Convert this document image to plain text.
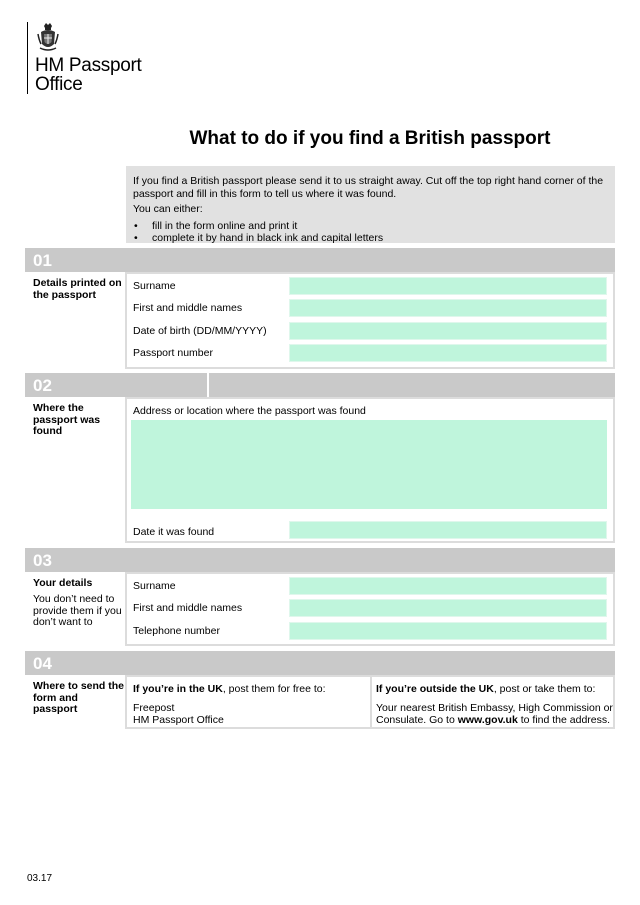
HM Passport
Office
What to do if you find a British passport

If you find a British passport please send it to us straight away. Cut off the top right hand corner of the passport and fill in this form to tell us where it was found.

You can either:

• fill in the form online and print it
• complete it by hand in black ink and capital letters
01
Details printed on the passport
Surname
First and middle names
Date of birth (DD/MM/YYYY)
Passport number
02
Where the passport was found
Address or location where the passport was found
Date it was found
03
Your details
You don’t need to provide them if you don’t want to
Surname
First and middle names
Telephone number
04
Where to send the form and passport
If you’re in the UK, post them for free to:
Freepost
HM Passport Office
If you’re outside the UK, post or take them to:
Your nearest British Embassy, High Commission or Consulate. Go to www.gov.uk to find the address.
03.17
